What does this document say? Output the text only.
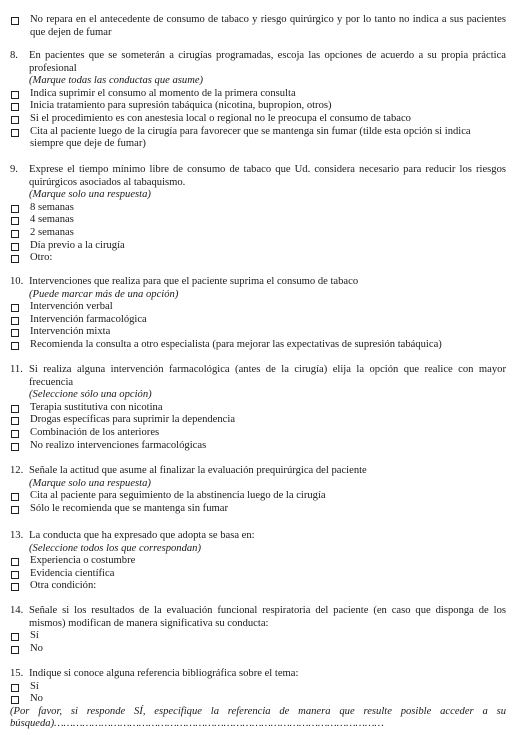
No repara en el antecedente de consumo de tabaco y riesgo quirúrgico y por lo tanto no indica a sus pacientes que dejen de fumar
8.	En pacientes que se someterán a cirugías programadas, escoja las opciones de acuerdo a su propia práctica profesional
(Marque todas las conductas que asume)
Indica suprimir el consumo al momento de la primera consulta
Inicia tratamiento para supresión tabáquica (nicotina, bupropion, otros)
Si el procedimiento es con anestesia local o regional no le preocupa el consumo de tabaco
Cita al paciente luego de la cirugía para favorecer que se mantenga sin fumar (tilde esta opción si indica siempre que deje de fumar)
9.	Exprese el tiempo mínimo libre de consumo de tabaco que Ud. considera necesario para reducir los riesgos quirúrgicos asociados al tabaquismo.
(Marque solo una respuesta)
8 semanas
4 semanas
2 semanas
Día previo a la cirugía
Otro:
10. Intervenciones que realiza para que el paciente suprima el consumo de tabaco
(Puede marcar más de una opción)
Intervención verbal
Intervención farmacológica
Intervención mixta
Recomienda la consulta a otro especialista (para mejorar las expectativas de supresión tabáquica)
11. Si realiza alguna intervención farmacológica (antes de la cirugía) elija la opción que realice con mayor frecuencia
(Seleccione sólo una opción)
Terapia sustitutiva con nicotina
Drogas específicas para suprimir la dependencia
Combinación de los anteriores
No realizo intervenciones farmacológicas
12. Señale la actitud que asume al finalizar la evaluación prequirúrgica del paciente
(Marque solo una respuesta)
Cita al paciente para seguimiento de la abstinencia luego de la cirugía
Sólo le recomienda que se mantenga sin fumar
13. La conducta que ha expresado que adopta se basa en:
(Seleccione todos los que correspondan)
Experiencia o costumbre
Evidencia científica
Otra condición:
14. Señale si los resultados de la evaluación funcional respiratoria del paciente (en caso que disponga de los mismos) modifican de manera significativa su conducta:
Sí
No
15. Indique si conoce alguna referencia bibliográfica sobre el tema:
Sí
No
(Por favor, si responde SÍ, especifique la referencia de manera que resulte posible acceder a su búsqueda)……………………………………………………………………………………………
